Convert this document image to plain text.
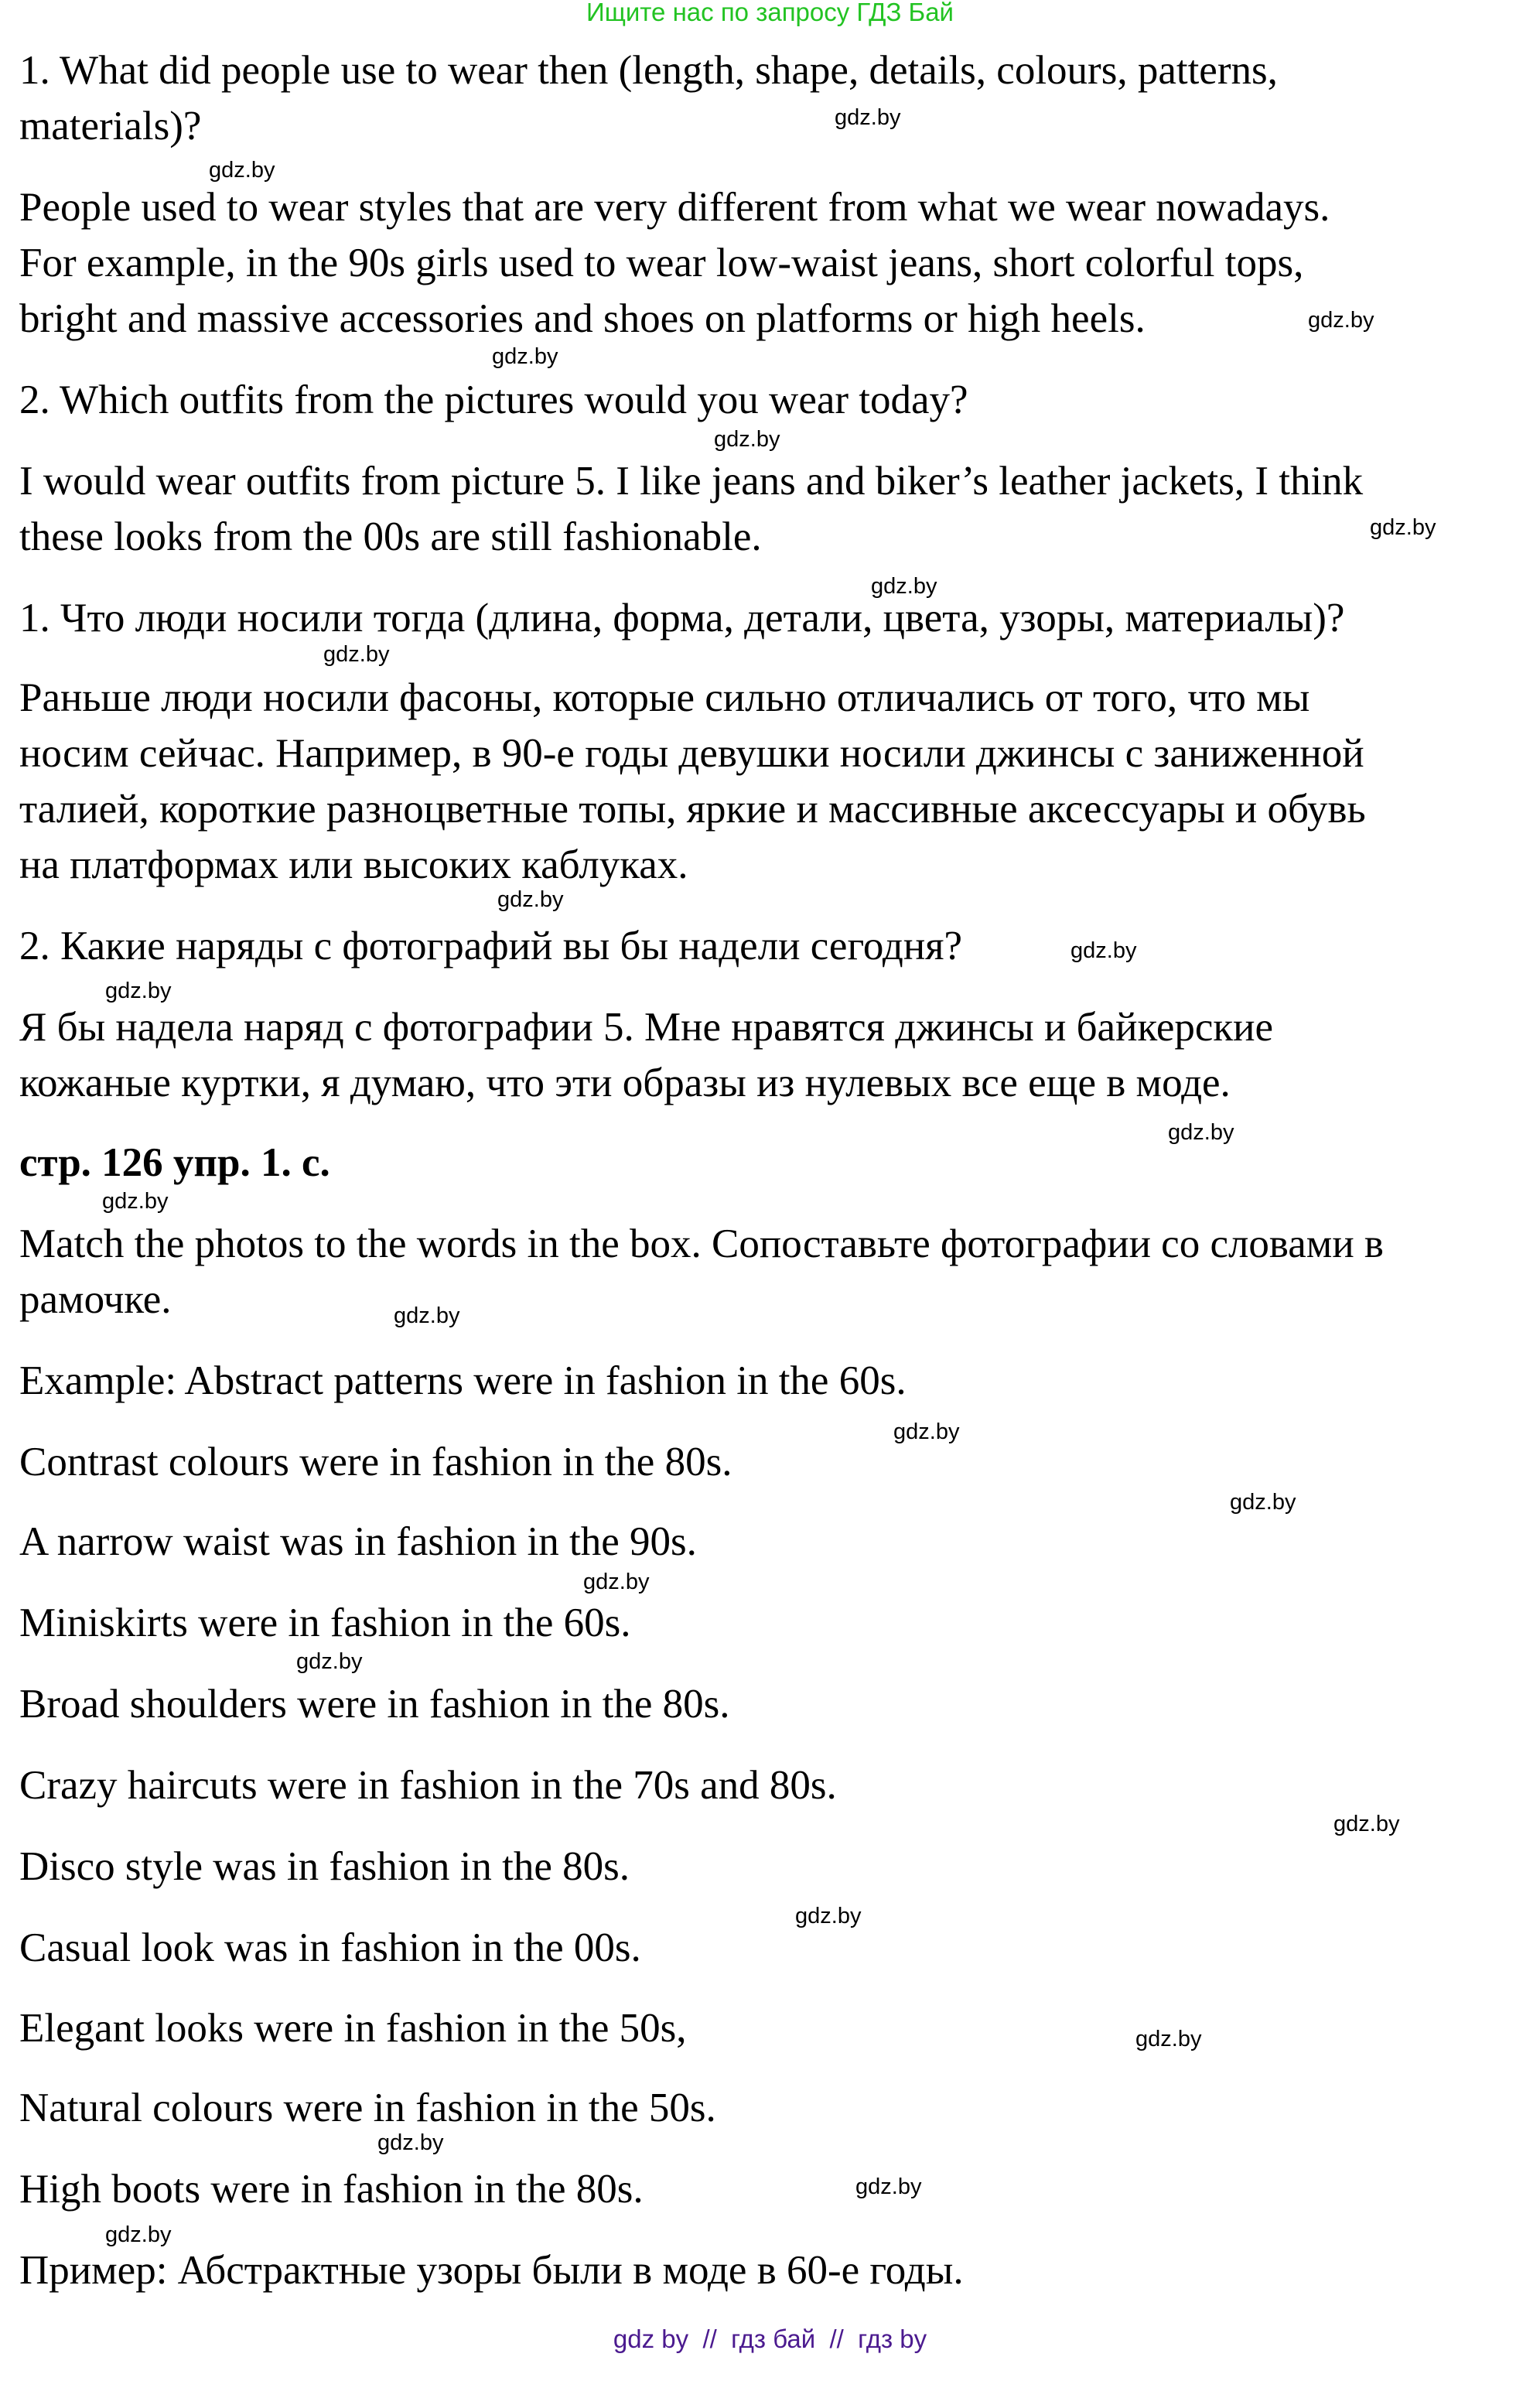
Ищите нас по запросу ГДЗ Бай
1. What did people use to wear then (length, shape, details, colours, patterns,
materials)?
People used to wear styles that are very different from what we wear nowadays.
For example, in the 90s girls used to wear low-waist jeans, short colorful tops,
bright and massive accessories and shoes on platforms or high heels.
2. Which outfits from the pictures would you wear today?
I would wear outfits from picture 5. I like jeans and biker’s leather jackets, I think
these looks from the 00s are still fashionable.
1. Что люди носили тогда (длина, форма, детали, цвета, узоры, материалы)?
Раньше люди носили фасоны, которые сильно отличались от того, что мы
носим сейчас. Например, в 90-е годы девушки носили джинсы с заниженной
талией, короткие разноцветные топы, яркие и массивные аксессуары и обувь
на платформах или высоких каблуках.
2. Какие наряды с фотографий вы бы надели сегодня?
Я бы надела наряд с фотографии 5. Мне нравятся джинсы и байкерские
кожаные куртки, я думаю, что эти образы из нулевых все еще в моде.
стр. 126 упр. 1. с.
Match the photos to the words in the box. Сопоставьте фотографии со словами в
рамочке.
Example: Abstract patterns were in fashion in the 60s.
Contrast colours were in fashion in the 80s.
A narrow waist was in fashion in the 90s.
Miniskirts were in fashion in the 60s.
Broad shoulders were in fashion in the 80s.
Crazy haircuts were in fashion in the 70s and 80s.
Disco style was in fashion in the 80s.
Casual look was in fashion in the 00s.
Elegant looks were in fashion in the 50s,
Natural colours were in fashion in the 50s.
High boots were in fashion in the 80s.
Пример: Абстрактные узоры были в моде в 60-е годы.
gdz.by
gdz.by
gdz.by
gdz.by
gdz.by
gdz.by
gdz.by
gdz.by
gdz.by
gdz.by
gdz.by
gdz.by
gdz.by
gdz.by
gdz.by
gdz.by
gdz.by
gdz.by
gdz.by
gdz.by
gdz.by
gdz.by
gdz.by
gdz.by
gdz by  //  гдз бай  //  гдз by
